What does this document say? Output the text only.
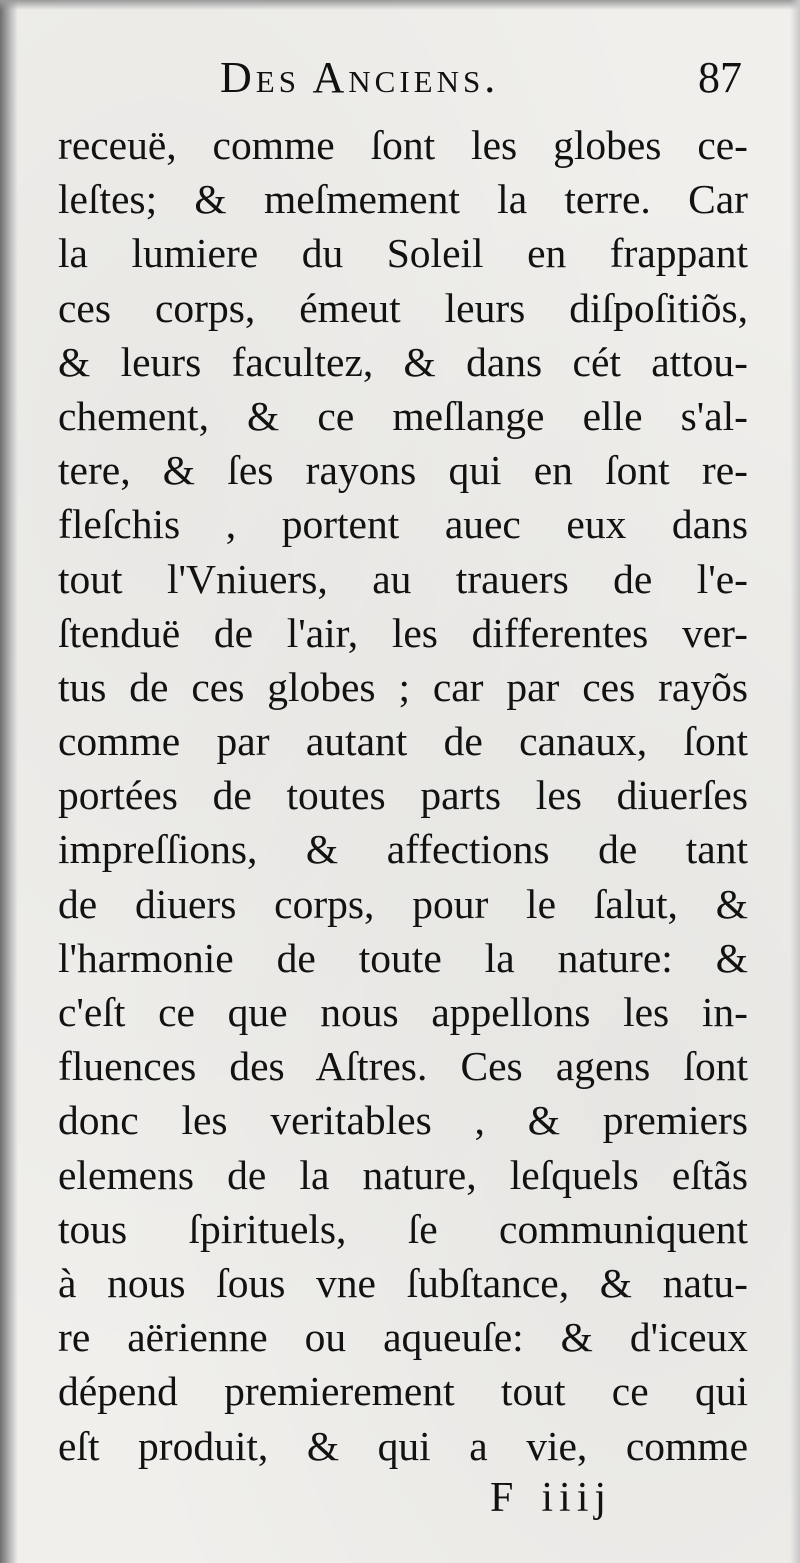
Des Anciens.	87
receuë, comme ſont les globes ce-
leſtes; & meſmement la terre. Car
la lumiere du Soleil en frappant
ces corps, émeut leurs diſpoſitiõs,
& leurs facultez, & dans cét attou-
chement, & ce meſlange elle s'al-
tere, & ſes rayons qui en ſont re-
fleſchis , portent auec eux dans
tout l'Vniuers, au trauers de l'e-
ſtenduë de l'air, les differentes ver-
tus de ces globes ; car par ces rayõs
comme par autant de canaux, ſont
portées de toutes parts les diuerſes
impreſſions, & affections de tant
de diuers corps, pour le ſalut, &
l'harmonie de toute la nature: &
c'eſt ce que nous appellons les in-
fluences des Aſtres. Ces agens ſont
donc les veritables , & premiers
elemens de la nature, leſquels eſtãs
tous ſpirituels, ſe communiquent
à nous ſous vne ſubſtance, & natu-
re aërienne ou aqueuſe: & d'iceux
dépend premierement tout ce qui
eſt produit, & qui a vie, comme
F iiij
